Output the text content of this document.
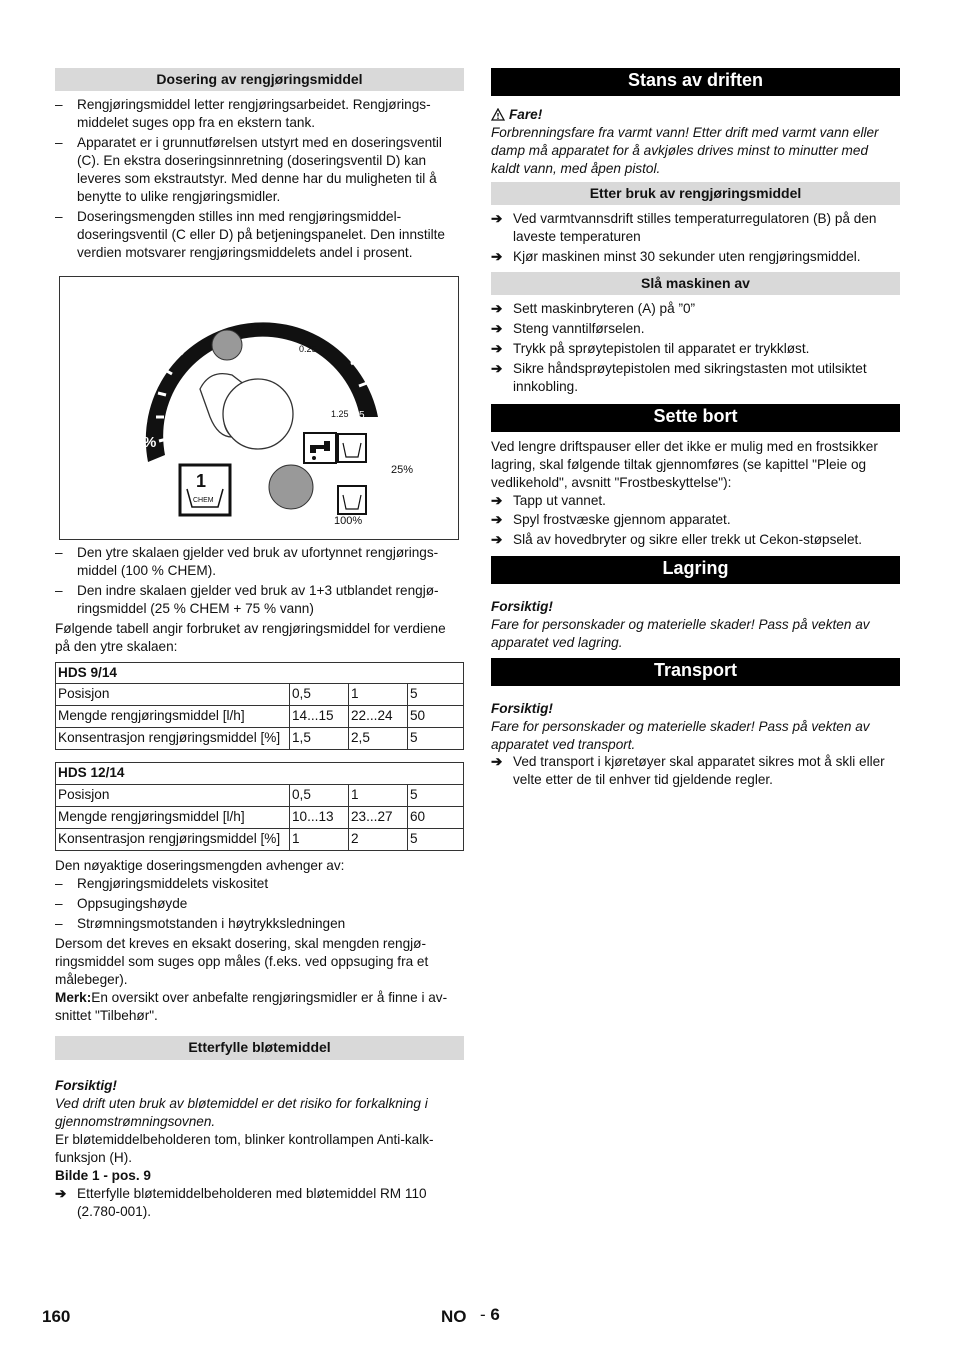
Dosering av rengjøringsmiddel
–	Rengjøringsmiddel letter rengjøringsarbeidet. Rengjørings-middelet suges opp fra en ekstern tank.
–	Apparatet er i grunnutførelsen utstyrt med en doseringsventil (C). En ekstra doseringsinnretning (doseringsventil D) kan leveres som ekstrautstyr. Med denne har du muligheten til å benytte to ulike rengjøringsmidler.
–	Doseringsmengden stilles inn med rengjøringsmiddel-doseringsventil (C eller D) på betjeningspanelet. Den innstilte verdien motsvarer rengjøringsmiddelets andel i prosent.
0
0.5
1
5
%
0.12
0.25
1.25
1
CHEM
25%
100%
–	Den ytre skalaen gjelder ved bruk av ufortynnet rengjørings-middel (100 % CHEM).
–	Den indre skalaen gjelder ved bruk av 1+3 utblandet rengjø-ringsmiddel (25 % CHEM + 75 % vann)

Følgende tabell angir forbruket av rengjøringsmiddel for verdiene på den ytre skalaen:

HDS 9/14			
Posisjon	0,5	1	5
Mengde rengjøringsmiddel [l/h]	14...15	22...24	50
Konsentrasjon rengjøringsmiddel [%]	1,5	2,5	5
HDS 12/14			
Posisjon	0,5	1	5
Mengde rengjøringsmiddel [l/h]	10...13	23...27	60
Konsentrasjon rengjøringsmiddel [%]	1	2	5

Den nøyaktige doseringsmengden avhenger av:

–	Rengjøringsmiddelets viskositet
–	Oppsugingshøyde
–	Strømningsmotstanden i høytrykksledningen

Dersom det kreves en eksakt dosering, skal mengden rengjø-ringsmiddel som suges opp måles (f.eks. ved oppsuging fra et målebeger).

Merk:En oversikt over anbefalte rengjøringsmidler er å finne i av-snittet "Tilbehør".

Etterfylle bløtemiddel

Forsiktig!

Ved drift uten bruk av bløtemiddel er det risiko for forkalkning i gjennomstrømningsovnen.

Er bløtemiddelbeholderen tom, blinker kontrollampen Anti-kalk-funksjon (H).

Bilde 1 - pos. 9

➔ Etterfylle bløtemiddelbeholderen med bløtemiddel RM 110 (2.780-001).
Stans av driften

Fare!

Forbrenningsfare fra varmt vann! Etter drift med varmt vann eller damp må apparatet for å avkjøles drives minst to minutter med kaldt vann, med åpen pistol.

Etter bruk av rengjøringsmiddel
➔ Ved varmtvannsdrift stilles temperaturregulatoren (B) på den laveste temperaturen
➔ Kjør maskinen minst 30 sekunder uten rengjøringsmiddel.
Slå maskinen av
➔ Sett maskinbryteren (A) på ”0”
➔ Steng vanntilførselen.
➔ Trykk på sprøytepistolen til apparatet er trykkløst.
➔ Sikre håndsprøytepistolen med sikringstasten mot utilsiktet innkobling.
Sette bort

Ved lengre driftspauser eller det ikke er mulig med en frostsikker lagring, skal følgende tiltak gjennomføres (se kapittel "Pleie og vedlikehold", avsnitt "Frostbeskyttelse"):

➔ Tapp ut vannet.
➔ Spyl frostvæske gjennom apparatet.
➔ Slå av hovedbryter og sikre eller trekk ut Cekon-støpselet.
Lagring

Forsiktig!

Fare for personskader og materielle skader! Pass på vekten av apparatet ved lagring.

Transport

Forsiktig!

Fare for personskader og materielle skader! Pass på vekten av apparatet ved transport.

➔ Ved transport i kjøretøyer skal apparatet sikres mot å skli eller velte etter de til enhver tid gjeldende regler.
160	NO - 6
